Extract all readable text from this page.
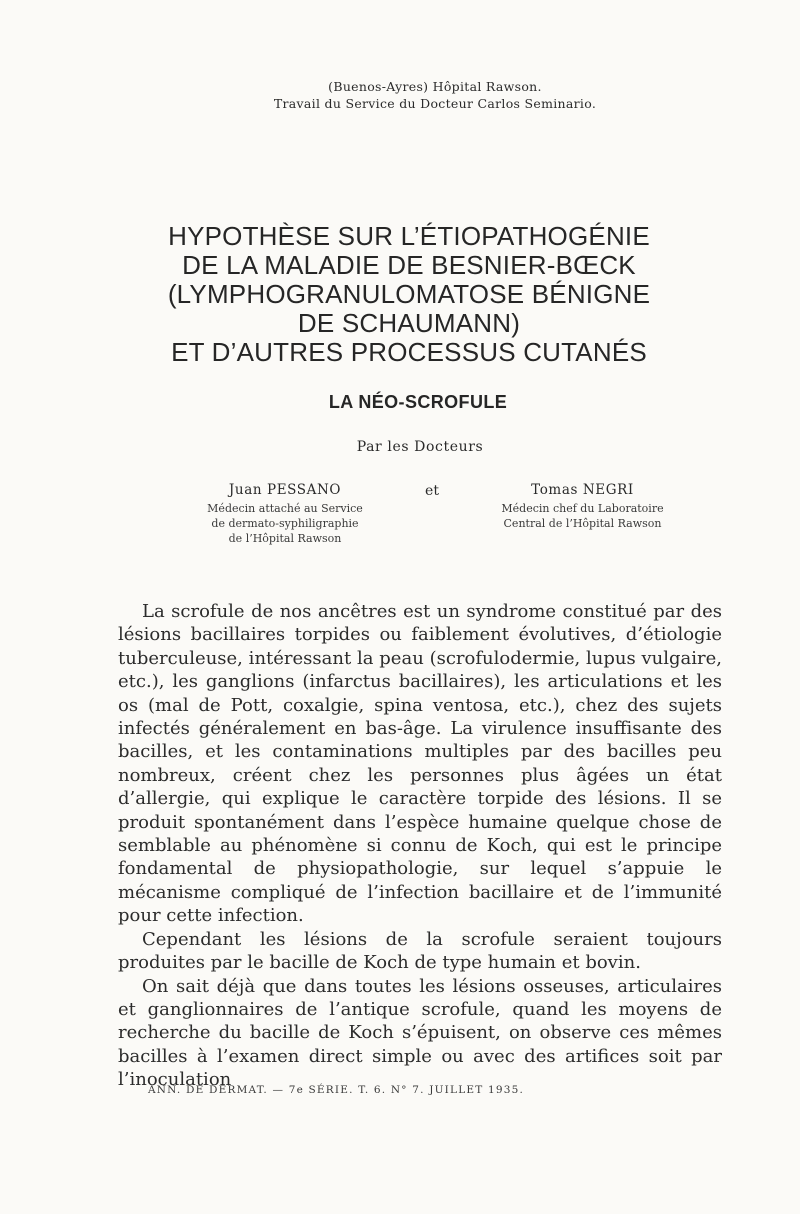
(Buenos-Ayres) Hôpital Rawson.
Travail du Service du Docteur Carlos Seminario.
HYPOTHÈSE SUR L’ÉTIOPATHOGÉNIE
DE LA MALADIE DE BESNIER-BŒCK
(LYMPHOGRANULOMATOSE BÉNIGNE
DE SCHAUMANN)
ET D’AUTRES PROCESSUS CUTANÉS
LA NÉO-SCROFULE
Par les Docteurs
Juan PESSANO
Médecin attaché au Service
de dermato-syphiligraphie
de l’Hôpital Rawson
et	Tomas NEGRI
Médecin chef du Laboratoire
Central de l’Hôpital Rawson

La scrofule de nos ancêtres est un syndrome constitué par des lésions bacillaires torpides ou faiblement évolutives, d’étiologie tuberculeuse, intéressant la peau (scrofulodermie, lupus vulgaire, etc.), les ganglions (infarctus bacillaires), les articulations et les os (mal de Pott, coxalgie, spina ventosa, etc.), chez des sujets infectés généralement en bas-âge. La virulence insuffisante des bacilles, et les contaminations multiples par des bacilles peu nombreux, créent chez les personnes plus âgées un état d’allergie, qui explique le caractère torpide des lésions. Il se produit spontanément dans l’espèce humaine quelque chose de semblable au phénomène si connu de Koch, qui est le principe fondamental de physiopathologie, sur lequel s’appuie le mécanisme compliqué de l’infection bacillaire et de l’immunité pour cette infection.

Cependant les lésions de la scrofule seraient toujours produites par le bacille de Koch de type humain et bovin.

On sait déjà que dans toutes les lésions osseuses, articulaires et ganglionnaires de l’antique scrofule, quand les moyens de recherche du bacille de Koch s’épuisent, on observe ces mêmes bacilles à l’examen direct simple ou avec des artifices soit par l’inoculation

ANN. DE DERMAT. — 7e SÉRIE. T. 6. N° 7. JUILLET 1935.
